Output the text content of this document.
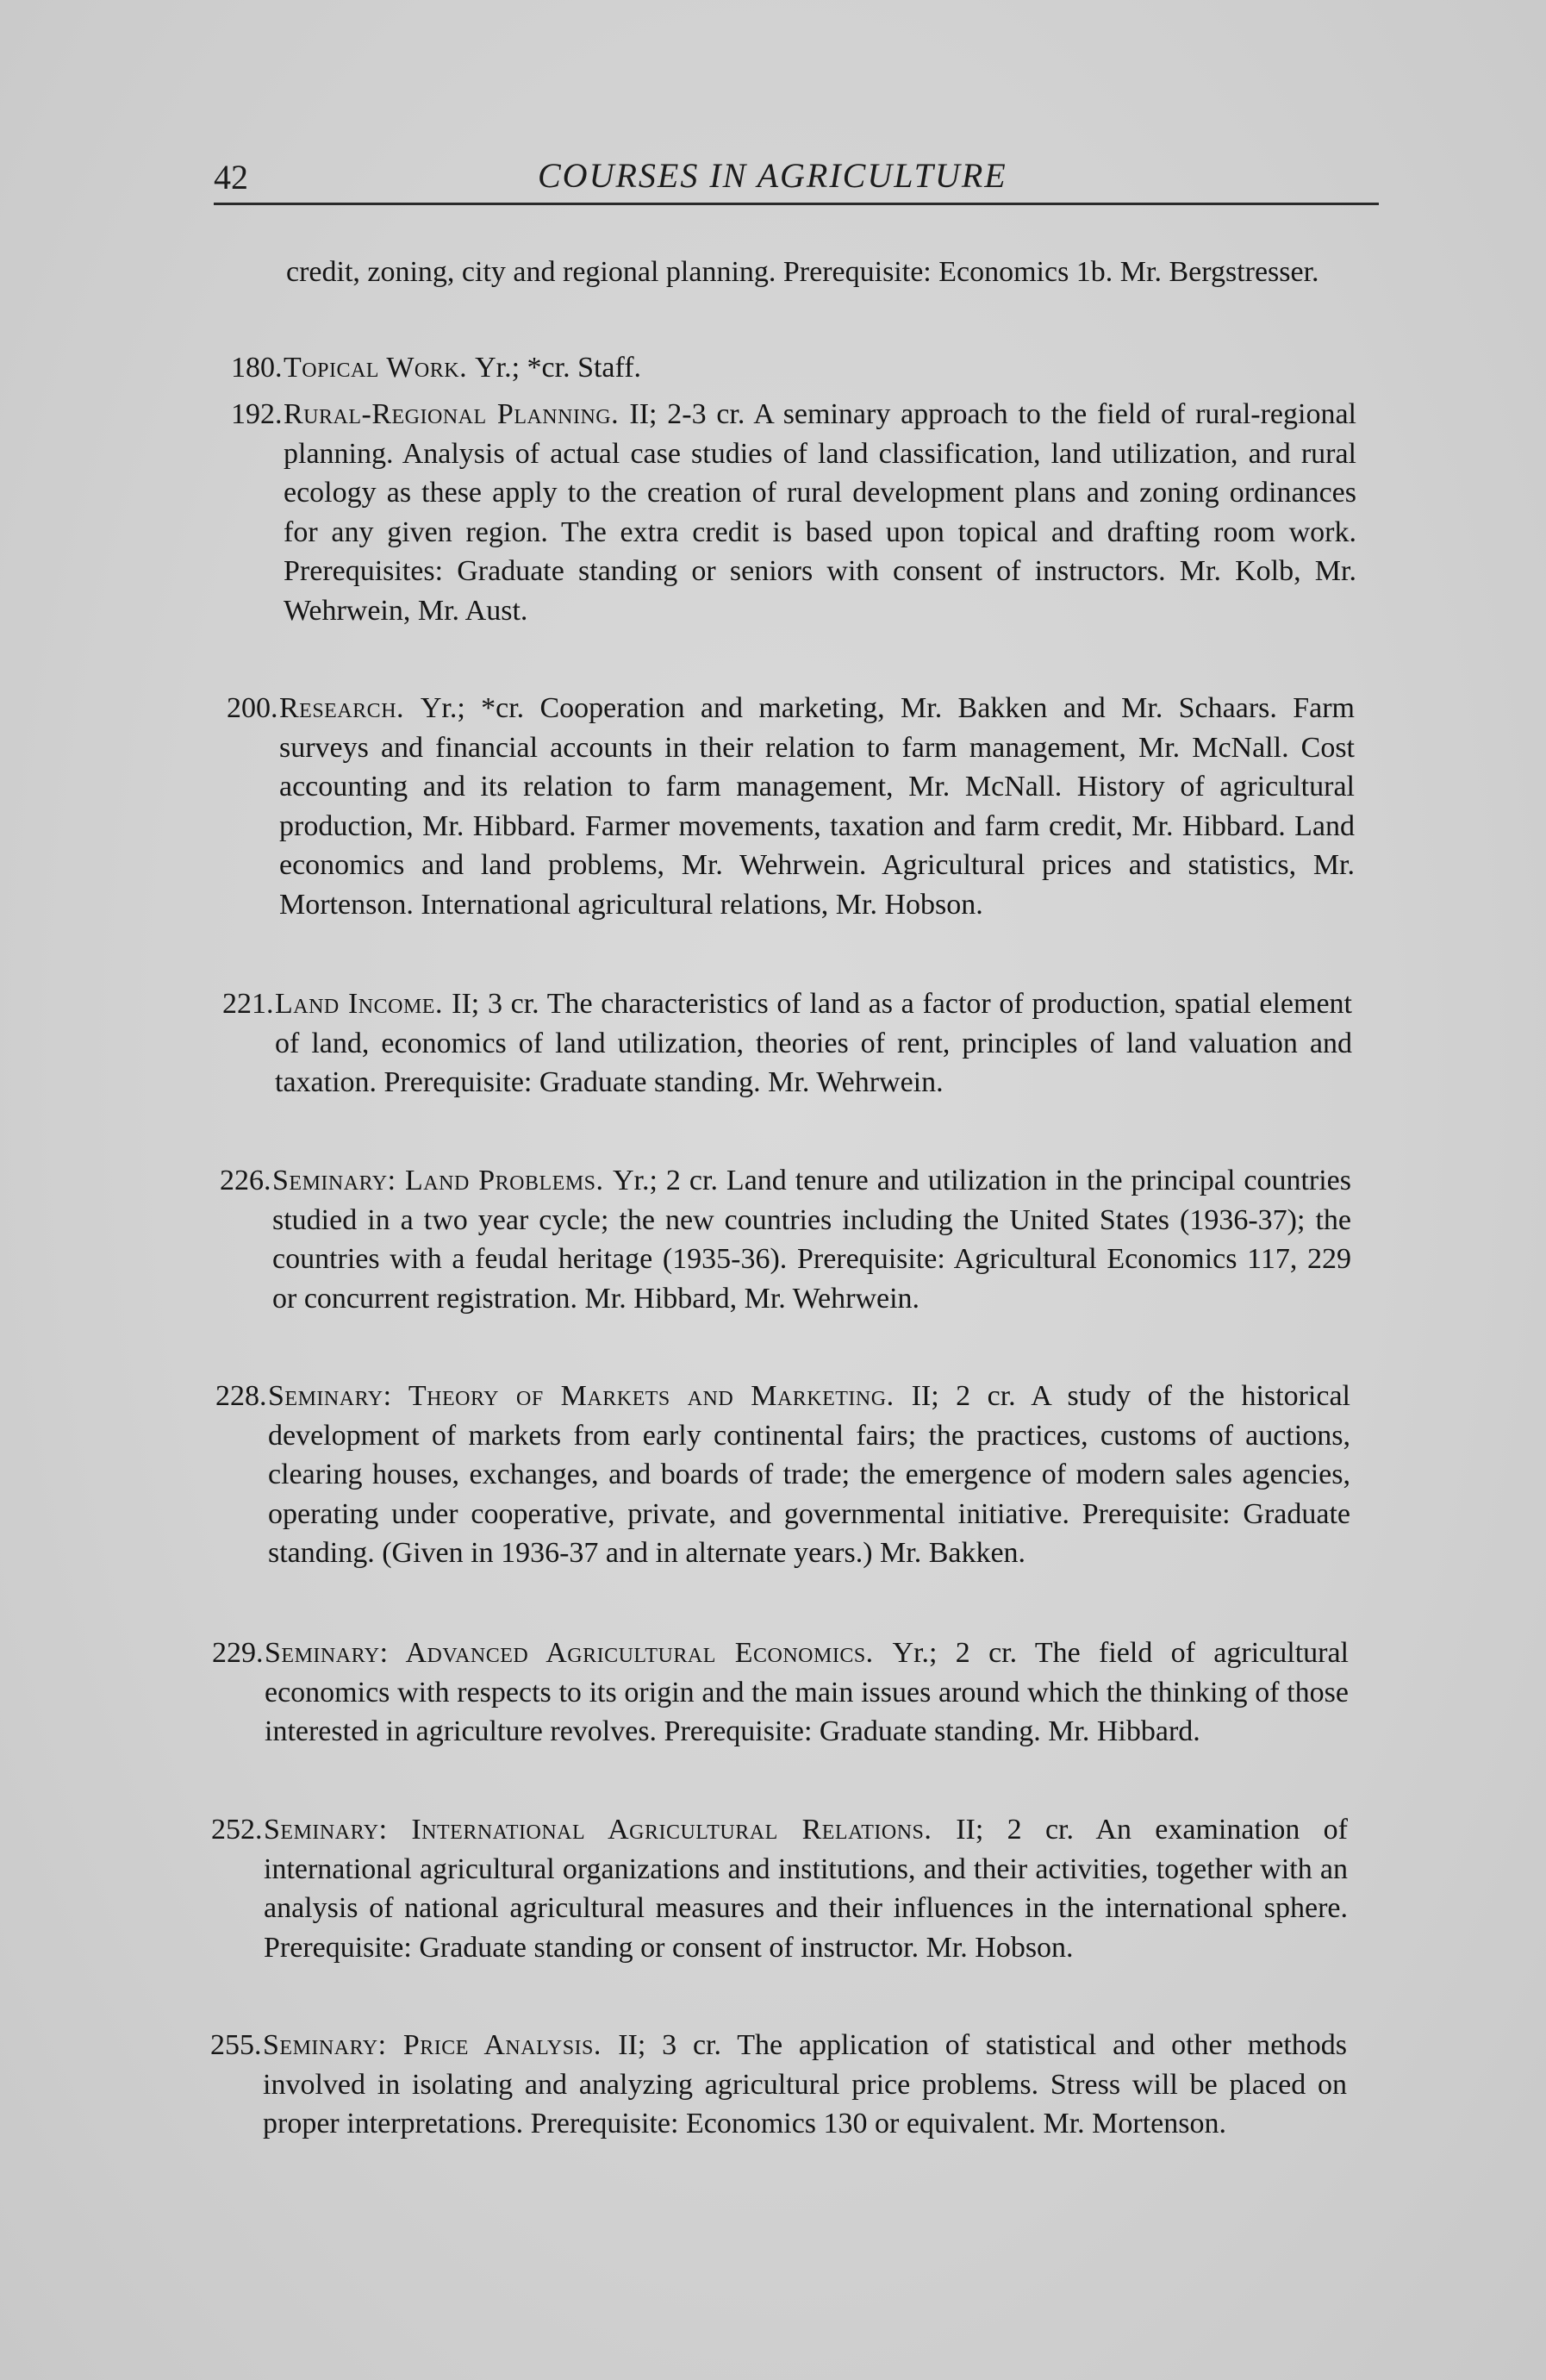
42	COURSES IN AGRICULTURE
credit, zoning, city and regional planning. Prerequisite: Economics 1b. Mr. Bergstresser.
180. Topical Work. Yr.; *cr. Staff.
192. Rural-Regional Planning. II; 2-3 cr. A seminary approach to the field of rural-regional planning. Analysis of actual case studies of land classification, land utilization, and rural ecology as these apply to the creation of rural development plans and zoning ordinances for any given region. The extra credit is based upon topical and drafting room work. Prerequisites: Graduate standing or seniors with consent of instructors. Mr. Kolb, Mr. Wehrwein, Mr. Aust.
200. Research. Yr.; *cr. Cooperation and marketing, Mr. Bakken and Mr. Schaars. Farm surveys and financial accounts in their relation to farm management, Mr. McNall. Cost accounting and its relation to farm management, Mr. McNall. History of agricultural production, Mr. Hibbard. Farmer movements, taxation and farm credit, Mr. Hibbard. Land economics and land problems, Mr. Wehrwein. Agricultural prices and statistics, Mr. Mortenson. International agricultural relations, Mr. Hobson.
221. Land Income. II; 3 cr. The characteristics of land as a factor of production, spatial element of land, economics of land utilization, theories of rent, principles of land valuation and taxation. Prerequisite: Graduate standing. Mr. Wehrwein.
226. Seminary: Land Problems. Yr.; 2 cr. Land tenure and utilization in the principal countries studied in a two year cycle; the new countries including the United States (1936-37); the countries with a feudal heritage (1935-36). Prerequisite: Agricultural Economics 117, 229 or concurrent registration. Mr. Hibbard, Mr. Wehrwein.
228. Seminary: Theory of Markets and Marketing. II; 2 cr. A study of the historical development of markets from early continental fairs; the practices, customs of auctions, clearing houses, exchanges, and boards of trade; the emergence of modern sales agencies, operating under cooperative, private, and governmental initiative. Prerequisite: Graduate standing. (Given in 1936-37 and in alternate years.) Mr. Bakken.
229. Seminary: Advanced Agricultural Economics. Yr.; 2 cr. The field of agricultural economics with respects to its origin and the main issues around which the thinking of those interested in agriculture revolves. Prerequisite: Graduate standing. Mr. Hibbard.
252. Seminary: International Agricultural Relations. II; 2 cr. An examination of international agricultural organizations and institutions, and their activities, together with an analysis of national agricultural measures and their influences in the international sphere. Prerequisite: Graduate standing or consent of instructor. Mr. Hobson.
255. Seminary: Price Analysis. II; 3 cr. The application of statistical and other methods involved in isolating and analyzing agricultural price problems. Stress will be placed on proper interpretations. Prerequisite: Economics 130 or equivalent. Mr. Mortenson.
